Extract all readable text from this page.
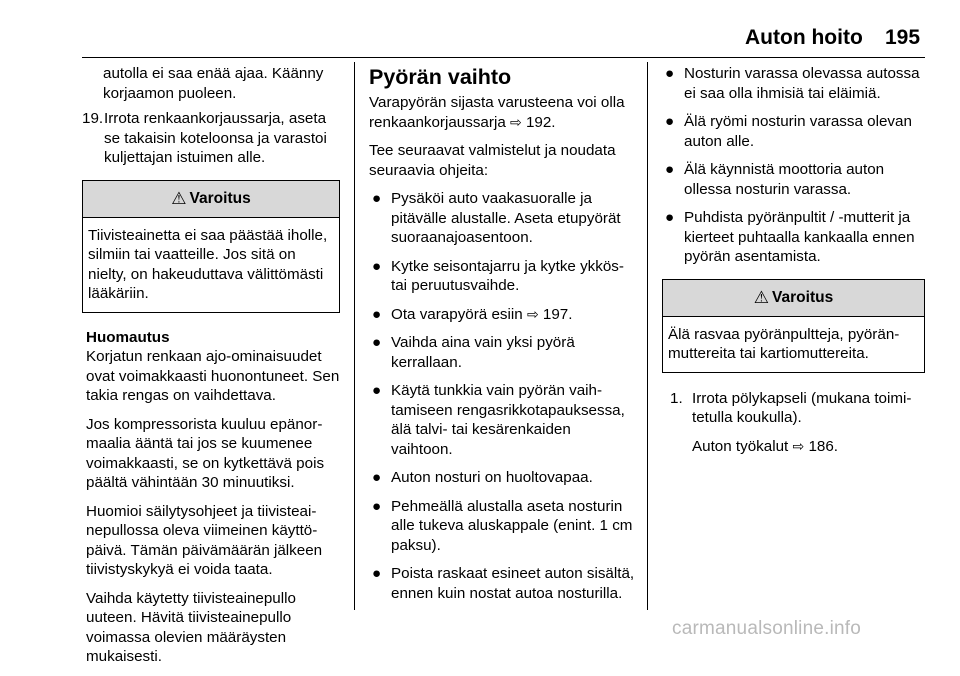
Auton hoito 195

autolla ei saa enää ajaa. Käänny
korjaamon puoleen.

19. Irrota renkaankorjaussarja, aseta se takaisin koteloonsa ja varastoi kuljettajan istuimen alle.
⚠ Varoitus
Tiivisteainetta ei saa päästää iholle, silmiin tai vaatteille. Jos sitä on nielty, on hakeuduttava välittömästi lääkäriin.
Huomautus

Korjatun renkaan ajo-ominaisuudet ovat voimakkaasti huonontuneet. Sen takia rengas on vaihdettava.

Jos kompressorista kuuluu epänormaalia ääntä tai jos se kuumenee voimakkaasti, se on kytkettävä pois päältä vähintään 30 minuutiksi.

Huomioi säilytysohjeet ja tiivisteainepullossa oleva viimeinen käyttöpäivä. Tämän päivämäärän jälkeen tiivistyskykyä ei voida taata.

Vaihda käytetty tiivisteainepullo uuteen. Hävitä tiivisteainepullo voimassa olevien määräysten mukaisesti.

Pyörän vaihto

Varapyörän sijasta varusteena voi olla renkaankorjaussarja ⇨ 192.

Tee seuraavat valmistelut ja noudata seuraavia ohjeita:

● Pysäköi auto vaakasuoralle ja pitävälle alustalle. Aseta etupyörät suoraanajoasentoon.
● Kytke seisontajarru ja kytke ykkös- tai peruutusvaihde.
● Ota varapyörä esiin ⇨ 197.
● Vaihda aina vain yksi pyörä kerrallaan.
● Käytä tunkkia vain pyörän vaihtamiseen rengasrikkotapauksessa, älä talvi- tai kesärenkaiden vaihtoon.
● Auton nosturi on huoltovapaa.
● Pehmeällä alustalla aseta nosturin alle tukeva aluskappale (enint. 1 cm paksu).
● Poista raskaat esineet auton sisältä, ennen kuin nostat autoa nosturilla.
● Nosturin varassa olevassa autossa ei saa olla ihmisiä tai eläimiä.
● Älä ryömi nosturin varassa olevan auton alle.
● Älä käynnistä moottoria auton ollessa nosturin varassa.
● Puhdista pyöränpultit / -mutterit ja kierteet puhtaalla kankaalla ennen pyörän asentamista.
⚠ Varoitus
Älä rasvaa pyöränpultteja, pyöränmuttereita tai kartiomuttereita.
1. Irrota pölykapseli (mukana toimitetulla koukulla).
Auton työkalut ⇨ 186.
carmanualsonline.info
